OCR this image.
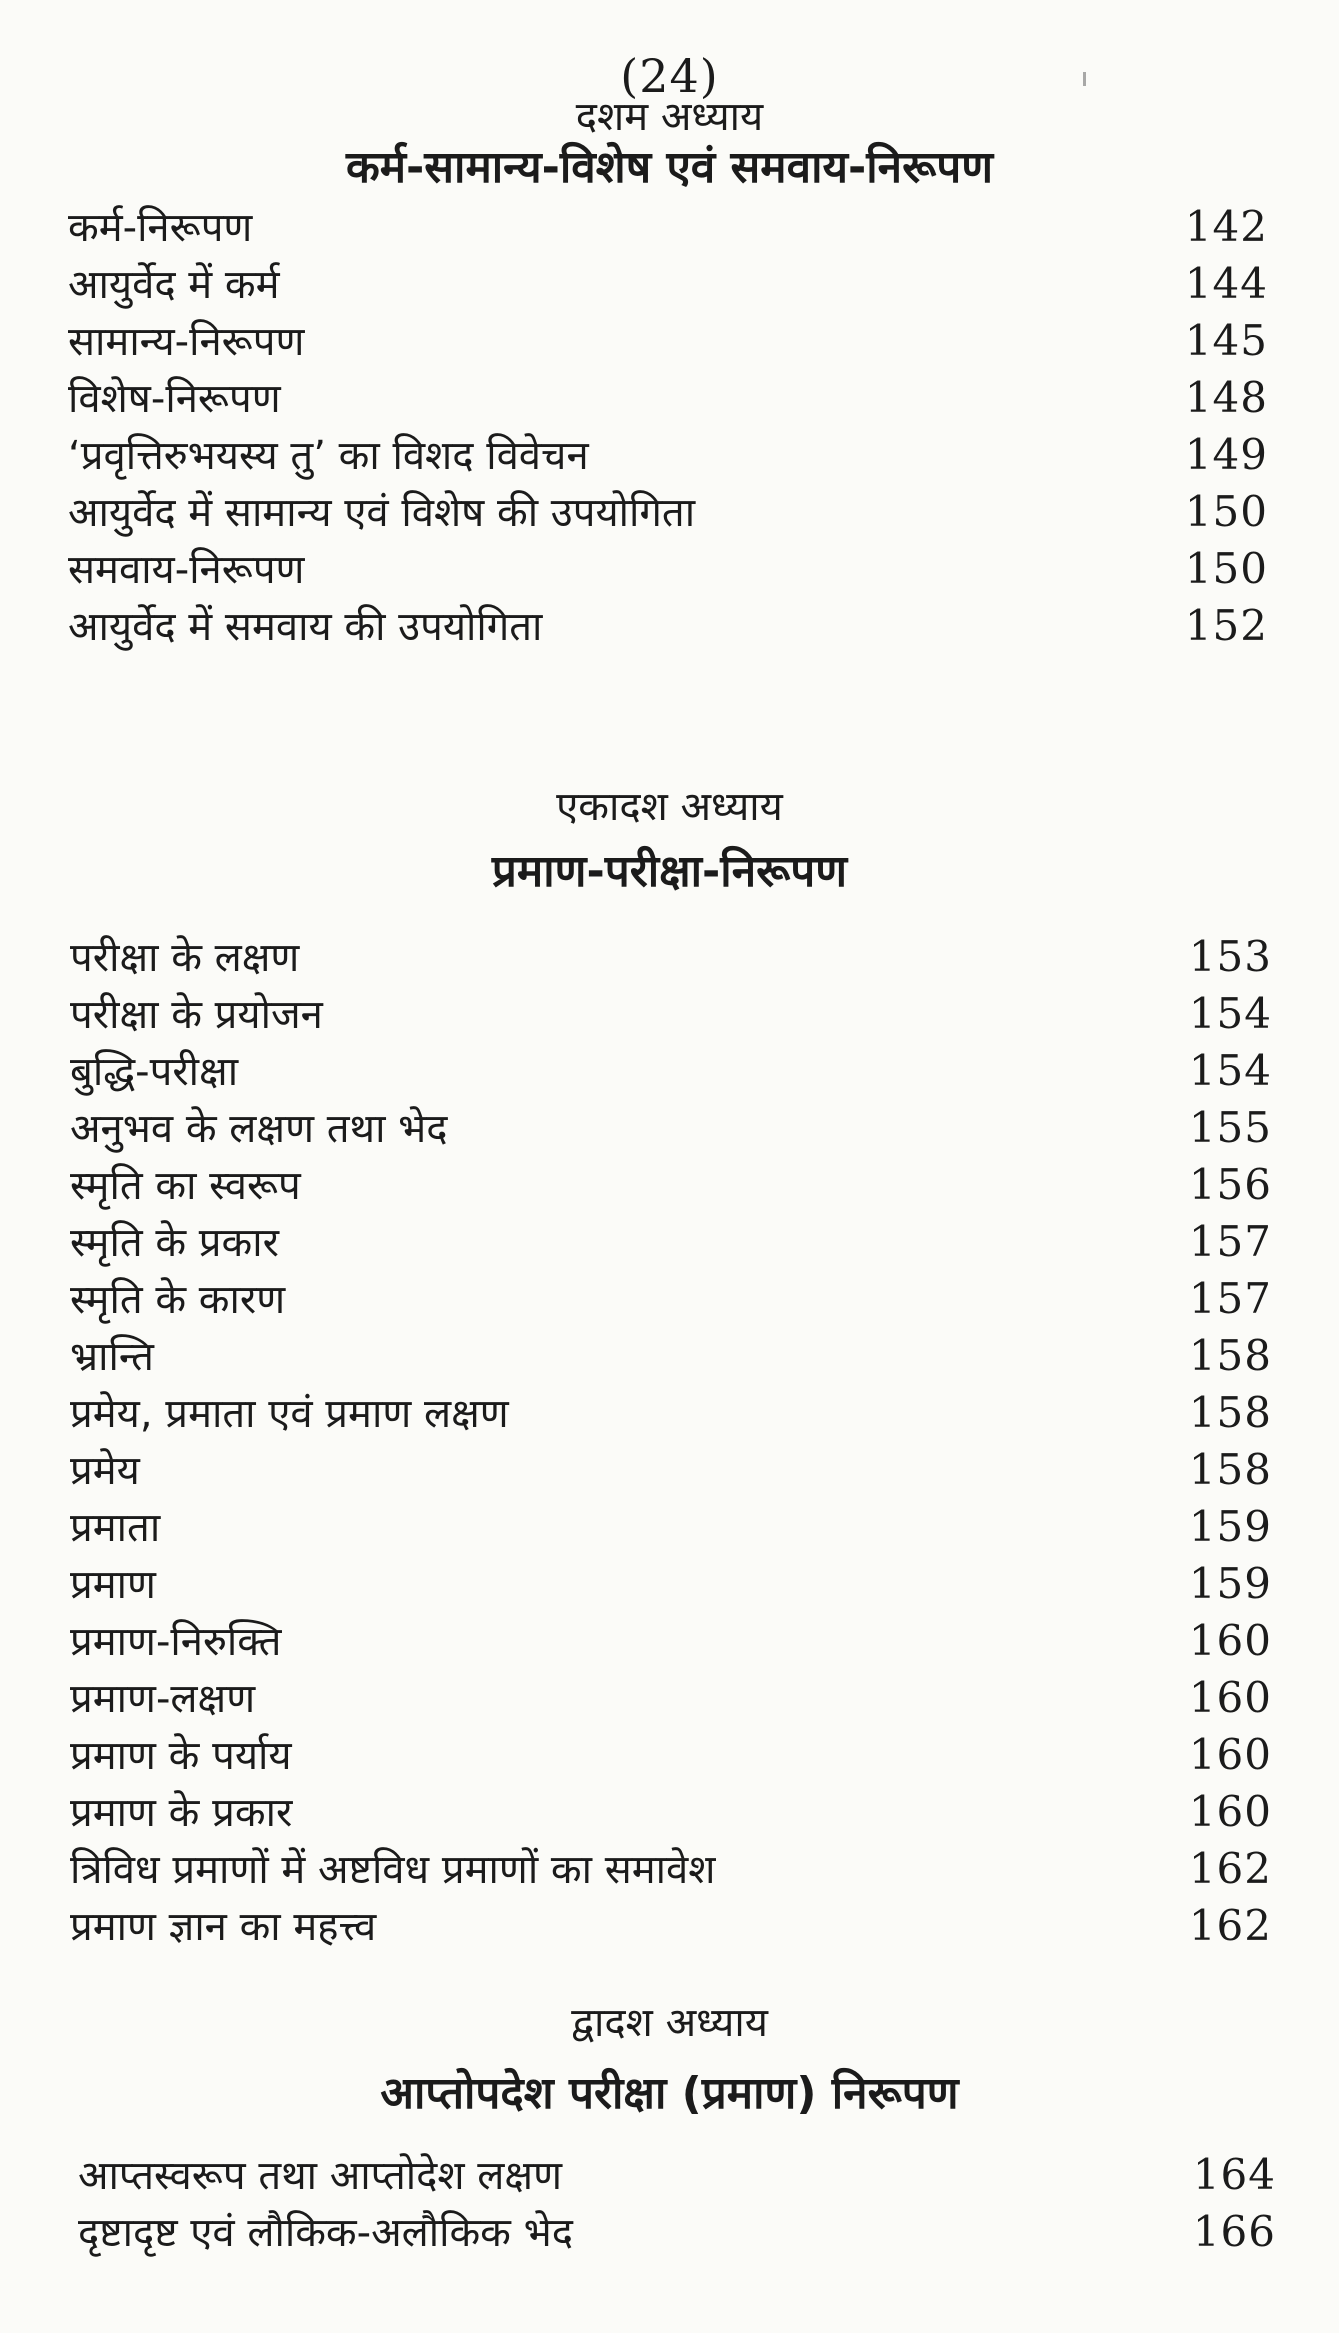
(24)
दशम अध्याय
कर्म-सामान्य-विशेष एवं समवाय-निरूपण
कर्म-निरूपण	142
आयुर्वेद में कर्म	144
सामान्य-निरूपण	145
विशेष-निरूपण	148
‘प्रवृत्तिरुभयस्य तु’ का विशद विवेचन	149
आयुर्वेद में सामान्य एवं विशेष की उपयोगिता	150
समवाय-निरूपण	150
आयुर्वेद में समवाय की उपयोगिता	152
एकादश अध्याय
प्रमाण-परीक्षा-निरूपण
परीक्षा के लक्षण	153
परीक्षा के प्रयोजन	154
बुद्धि-परीक्षा	154
अनुभव के लक्षण तथा भेद	155
स्मृति का स्वरूप	156
स्मृति के प्रकार	157
स्मृति के कारण	157
भ्रान्ति	158
प्रमेय, प्रमाता एवं प्रमाण लक्षण	158
प्रमेय	158
प्रमाता	159
प्रमाण	159
प्रमाण-निरुक्ति	160
प्रमाण-लक्षण	160
प्रमाण के पर्याय	160
प्रमाण के प्रकार	160
त्रिविध प्रमाणों में अष्टविध प्रमाणों का समावेश	162
प्रमाण ज्ञान का महत्त्व	162
द्वादश अध्याय
आप्तोपदेश परीक्षा (प्रमाण) निरूपण
आप्तस्वरूप तथा आप्तोदेश लक्षण	164
दृष्टादृष्ट एवं लौकिक-अलौकिक भेद	166
